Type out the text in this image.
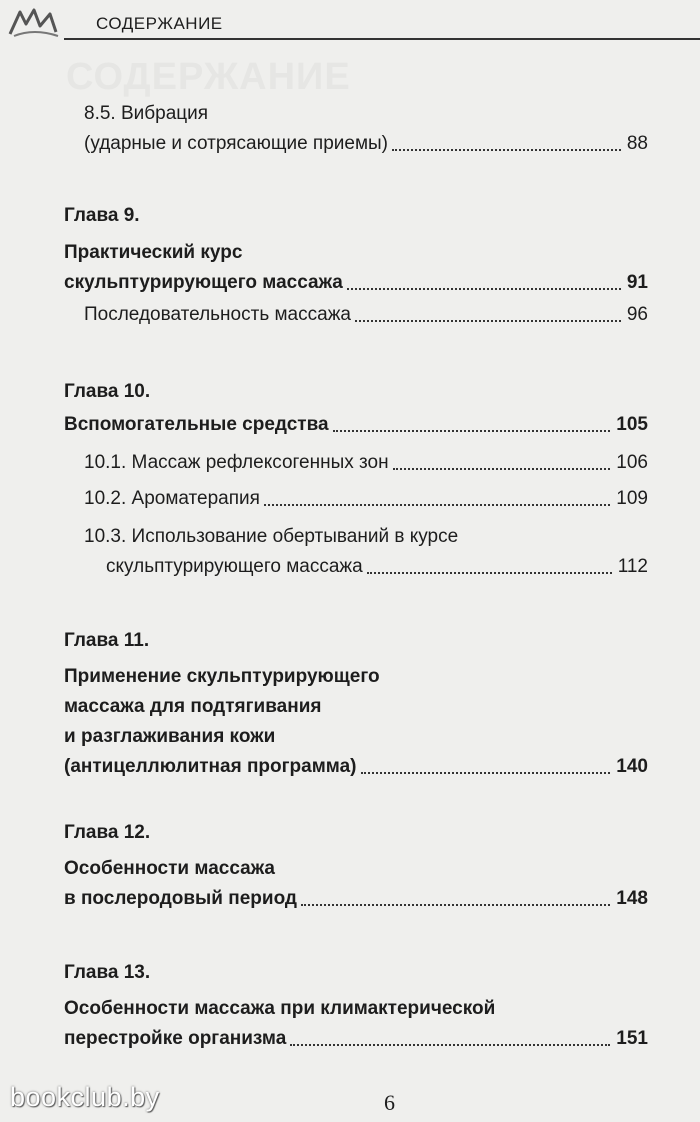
СОДЕРЖАНИЕ
СОДЕРЖАНИЕ
8.5. Вибрация
(ударные и сотрясающие приемы)	88
Глава 9.
Практический курс
скульптурирующего массажа	91
Последовательность массажа	96
Глава 10.
Вспомогательные средства	105
10.1. Массаж рефлексогенных зон	106
10.2. Ароматерапия	109
10.3. Использование обертываний в курсе
скульптурирующего массажа	112
Глава 11.
Применение скульптурирующего
массажа для подтягивания
и разглаживания кожи
(антицеллюлитная программа)	140
Глава 12.
Особенности массажа
в послеродовый период	148
Глава 13.
Особенности массажа при климактерической
перестройке организма	151
bookclub.by	6
